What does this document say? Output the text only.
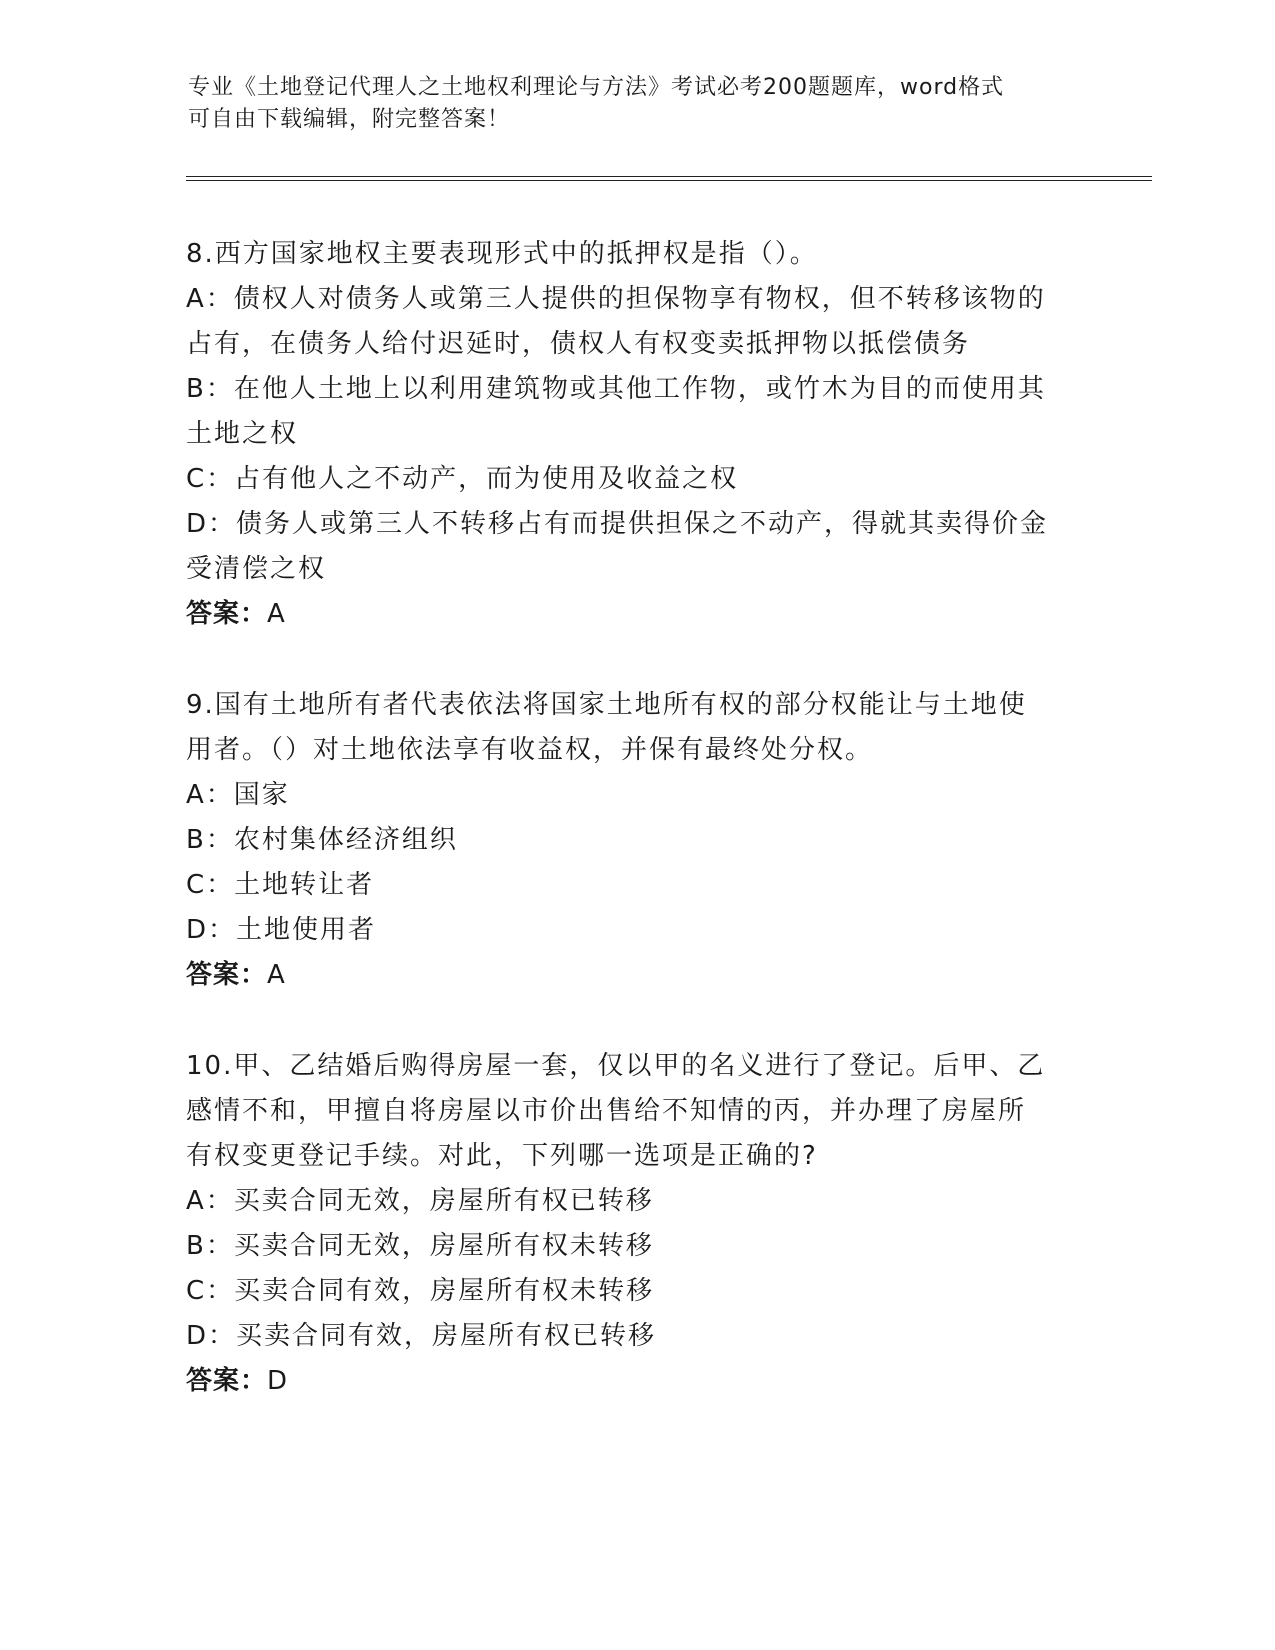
专业《土地登记代理人之土地权利理论与方法》考试必考200题题库，word格式
可自由下载编辑，附完整答案！

8.西方国家地权主要表现形式中的抵押权是指（）。

A：债权人对债务人或第三人提供的担保物享有物权，但不转移该物的

占有，在债务人给付迟延时，债权人有权变卖抵押物以抵偿债务

B：在他人土地上以利用建筑物或其他工作物，或竹木为目的而使用其

土地之权

C：占有他人之不动产，而为使用及收益之权

D：债务人或第三人不转移占有而提供担保之不动产，得就其卖得价金

受清偿之权

答案：A

9.国有土地所有者代表依法将国家土地所有权的部分权能让与土地使

用者。（）对土地依法享有收益权，并保有最终处分权。

A：国家

B：农村集体经济组织

C：土地转让者

D：土地使用者

答案：A

10.甲、乙结婚后购得房屋一套，仅以甲的名义进行了登记。后甲、乙

感情不和，甲擅自将房屋以市价出售给不知情的丙，并办理了房屋所

有权变更登记手续。对此，下列哪一选项是正确的?

A：买卖合同无效，房屋所有权已转移

B：买卖合同无效，房屋所有权未转移

C：买卖合同有效，房屋所有权未转移

D：买卖合同有效，房屋所有权已转移

答案：D
